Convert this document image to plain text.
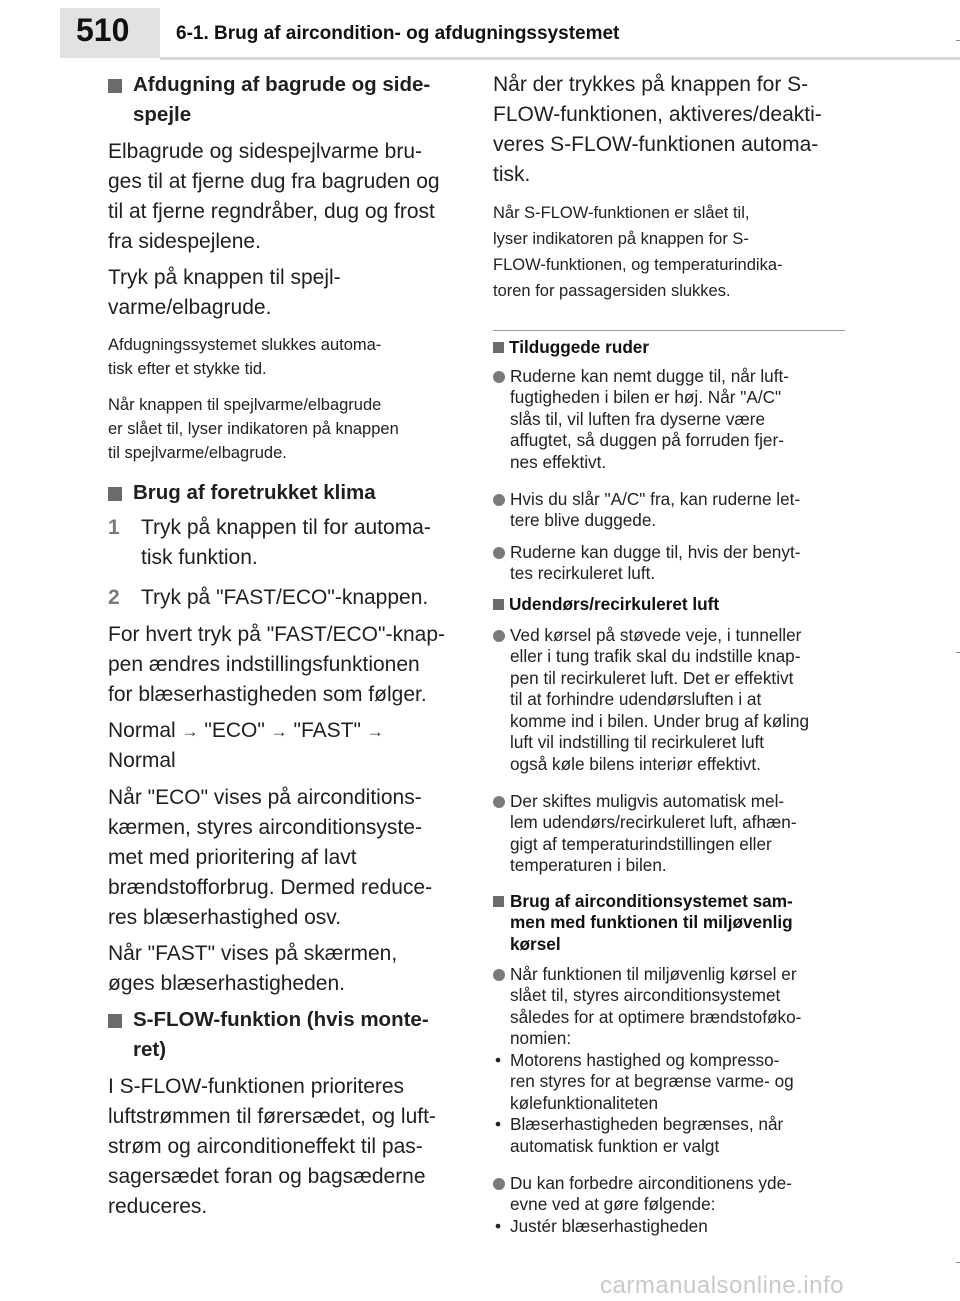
510 6-1. Brug af aircondition- og afdugningssystemet
Afdugning af bagrude og side-
spejle
Elbagrude og sidespejlvarme bru-
ges til at fjerne dug fra bagruden og
til at fjerne regndråber, dug og frost
fra sidespejlene.
Tryk på knappen til spejl-
varme/elbagrude.
Afdugningssystemet slukkes automa-
tisk efter et stykke tid.
Når knappen til spejlvarme/elbagrude
er slået til, lyser indikatoren på knappen
til spejlvarme/elbagrude.
Brug af foretrukket klima
1 Tryk på knappen til for automa-
tisk funktion.
2 Tryk på "FAST/ECO"-knappen.
For hvert tryk på "FAST/ECO"-knap-
pen ændres indstillingsfunktionen
for blæserhastigheden som følger.
Normal → "ECO" → "FAST" →
Normal
Når "ECO" vises på airconditions-
kærmen, styres airconditionsyste-
met med prioritering af lavt
brændstofforbrug. Dermed reduce-
res blæserhastighed osv.
Når "FAST" vises på skærmen,
øges blæserhastigheden.
S-FLOW-funktion (hvis monte-
ret)
I S-FLOW-funktionen prioriteres
luftstrømmen til førersædet, og luft-
strøm og airconditioneffekt til pas-
sagersædet foran og bagsæderne
reduceres.
Når der trykkes på knappen for S-
FLOW-funktionen, aktiveres/deakti-
veres S-FLOW-funktionen automa-
tisk.
Når S-FLOW-funktionen er slået til,
lyser indikatoren på knappen for S-
FLOW-funktionen, og temperaturindika-
toren for passagersiden slukkes.
Tilduggede ruder
Ruderne kan nemt dugge til, når luft-
fugtigheden i bilen er høj. Når "A/C"
slås til, vil luften fra dyserne være
affugtet, så duggen på forruden fjer-
nes effektivt.
Hvis du slår "A/C" fra, kan ruderne let-
tere blive duggede.
Ruderne kan dugge til, hvis der benyt-
tes recirkuleret luft.
Udendørs/recirkuleret luft
Ved kørsel på støvede veje, i tunneller
eller i tung trafik skal du indstille knap-
pen til recirkuleret luft. Det er effektivt
til at forhindre udendørsluften i at
komme ind i bilen. Under brug af køling
luft vil indstilling til recirkuleret luft
også køle bilens interiør effektivt.
Der skiftes muligvis automatisk mel-
lem udendørs/recirkuleret luft, afhæn-
gigt af temperaturindstillingen eller
temperaturen i bilen.
Brug af airconditionsystemet sam-
men med funktionen til miljøvenlig
kørsel
Når funktionen til miljøvenlig kørsel er
slået til, styres airconditionsystemet
således for at optimere brændstoføko-
nomien:
• Motorens hastighed og kompresso-
ren styres for at begrænse varme- og
kølefunktionaliteten
• Blæserhastigheden begrænses, når
automatisk funktion er valgt
Du kan forbedre airconditionens yde-
evne ved at gøre følgende:
• Justér blæserhastigheden
carmanualsonline.info
